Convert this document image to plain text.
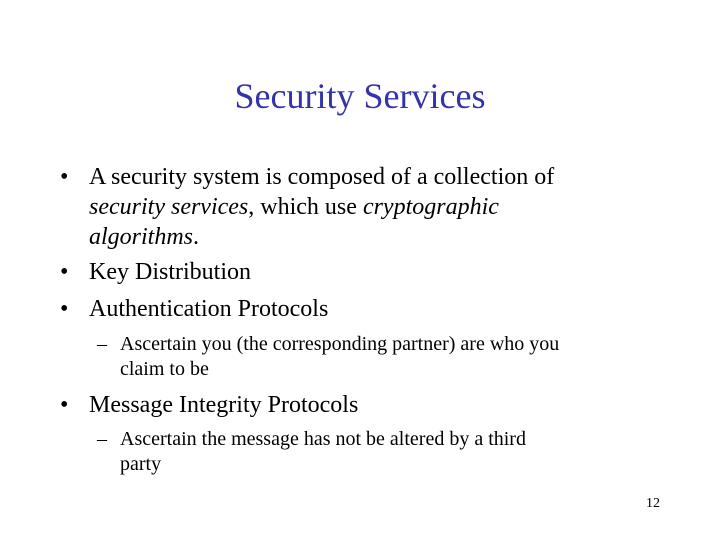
Security Services
• A security system is composed of a collection of
security services, which use cryptographic
algorithms.
• Key Distribution
• Authentication Protocols
– Ascertain you (the corresponding partner) are who you
claim to be
• Message Integrity Protocols
– Ascertain the message has not be altered by a third
party
12
